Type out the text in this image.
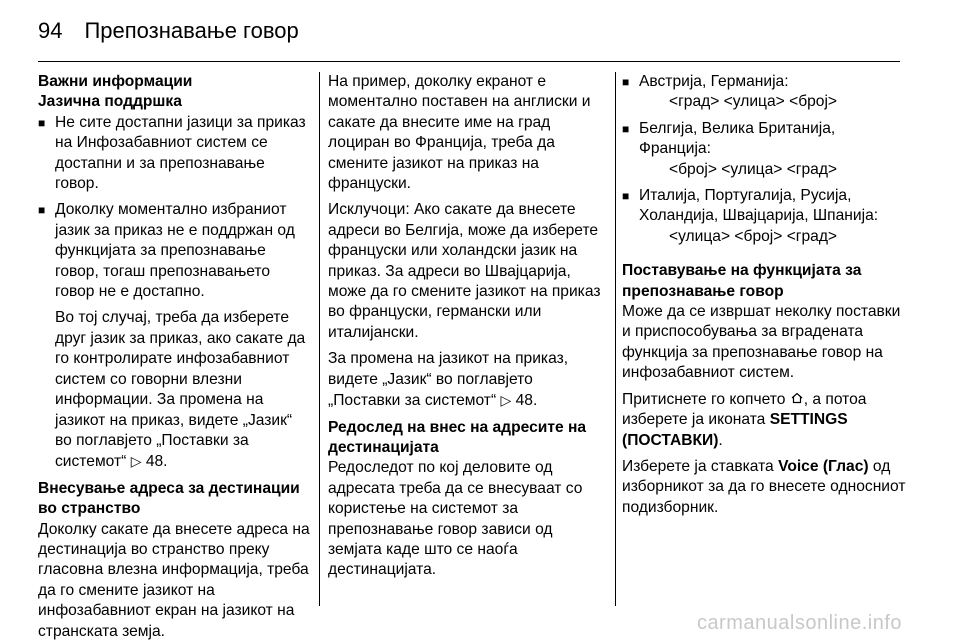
94 Препознавање говор
Важни информации
Јазична поддршка
■ Не сите достапни јазици за приказ на Инфозабавниот систем се достапни и за препознавање говор.
■ Доколку моментално избраниот јазик за приказ не е поддржан од функцијата за препознавање говор, тогаш препознавањето говор не е достапно.

Во тој случај, треба да изберете друг јазик за приказ, ако сакате да го контролирате инфозабавниот систем со говорни влезни информации. За промена на јазикот на приказ, видете „Јазик“ во поглавјето „Поставки за системот“ ▷ 48.

Внесување адреса за дестинации во странство

Доколку сакате да внесете адреса на дестинација во странство преку гласовна влезна информација, треба да го смените јазикот на инфозабавниот екран на јазикот на странската земја.

На пример, доколку екранот е моментално поставен на англиски и сакате да внесите име на град лоциран во Франција, треба да смените јазикот на приказ на француски.

Исклучоци: Ако сакате да внесете адреси во Белгија, може да изберете француски или холандски јазик на приказ. За адреси во Швајцарија, може да го смените јазикот на приказ во француски, германски или италијански.

За промена на јазикот на приказ, видете „Јазик“ во поглавјето „Поставки за системот“ ▷ 48.

Редослед на внес на адресите на дестинацијата

Редоследот по кој деловите од адресата треба да се внесуваат со користење на системот за препознавање говор зависи од земјата каде што се наоѓа дестинацијата.

■ Австрија, Германија:
<град> <улица> <број>
■ Белгија, Велика Британија, Франција:
<број> <улица> <град>
■ Италија, Португалија, Русија, Холандија, Швајцарија, Шпанија:
<улица> <број> <град>
Поставување на функцијата за препознавање говор

Може да се извршат неколку поставки и приспособувања за вградената функција за препознавање говор на инфозабавниот систем.

Притиснете го копчето , а потоа изберете ја иконата SETTINGS (ПОСТАВКИ).

Изберете ја ставката Voice (Глас) од изборникот за да го внесете односниот подизборник.

carmanualsonline.info
